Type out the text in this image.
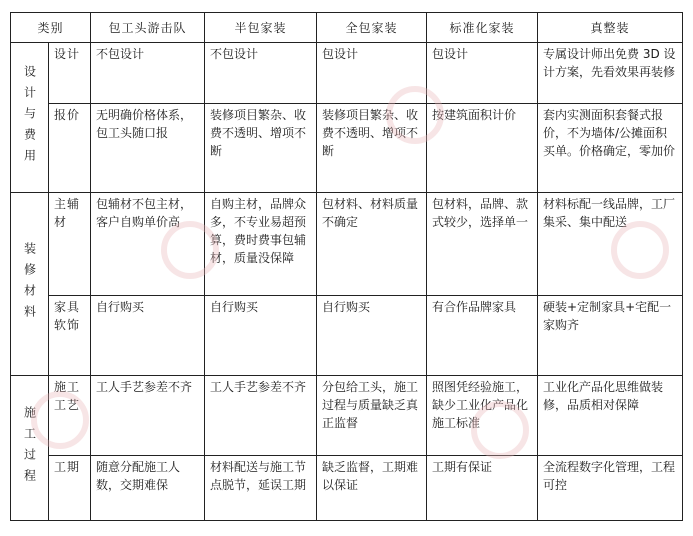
类别		包工头游击队	半包家装	全包家装	标准化家装	真整装
设计与费用	设计	不包设计	不包设计	包设计	包设计	专属设计师出免费 3D 设计方案，先看效果再装修
	报价	无明确价格体系，包工头随口报	装修项目繁杂、收费不透明、增项不断	装修项目繁杂、收费不透明、增项不断	按建筑面积计价	套内实测面积套餐式报价，不为墙体/公摊面积买单。价格确定，零加价
装修材料	主辅材	包辅材不包主材，客户自购单价高	自购主材，品牌众多，不专业易超预算，费时费事包辅材，质量没保障	包材料、材料质量不确定	包材料，品牌、款式较少，选择单一	材料标配一线品牌，工厂集采、集中配送
	家具软饰	自行购买	自行购买	自行购买	有合作品牌家具	硬装+定制家具+宅配一家购齐
施工过程	施工工艺	工人手艺参差不齐	工人手艺参差不齐	分包给工头，施工过程与质量缺乏真正监督	照图凭经验施工，缺少工业化产品化施工标准	工业化产品化思维做装修，品质相对保障
	工期	随意分配施工人数，交期难保	材料配送与施工节点脱节，延误工期	缺乏监督，工期难以保证	工期有保证	全流程数字化管理，工程可控
